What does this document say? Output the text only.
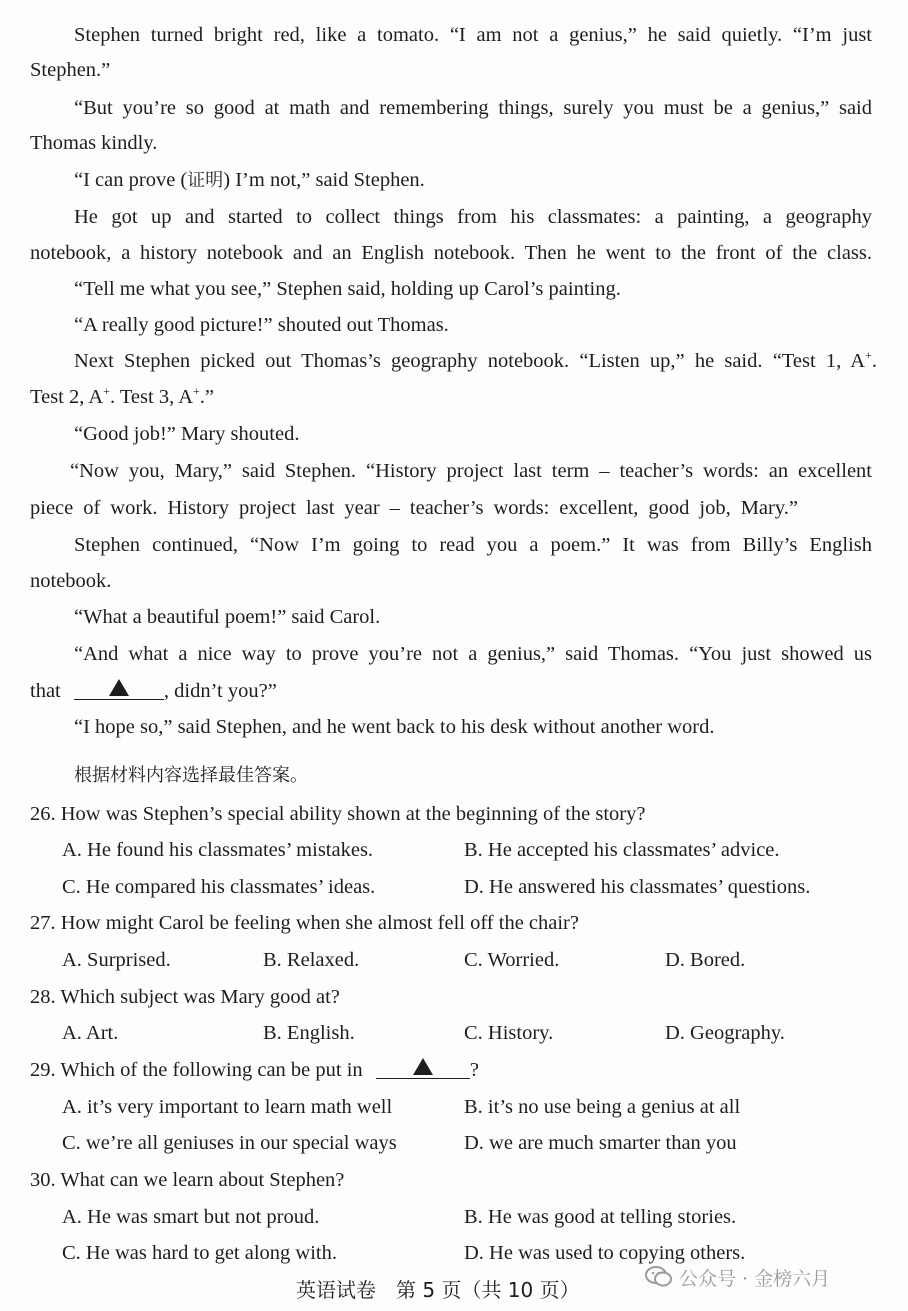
Stephen turned bright red, like a tomato. “I am not a genius,” he said quietly. “I’m just
Stephen.”
“But you’re so good at math and remembering things, surely you must be a genius,” said
Thomas kindly.
“I can prove (证明) I’m not,” said Stephen.
He got up and started to collect things from his classmates: a painting, a geography
notebook, a history notebook and an English notebook. Then he went to the front of the class.
“Tell me what you see,” Stephen said, holding up Carol’s painting.
“A really good picture!” shouted out Thomas.
Next Stephen picked out Thomas’s geography notebook. “Listen up,” he said. “Test 1, A+.
Test 2, A+. Test 3, A+.”
“Good job!” Mary shouted.
“Now you, Mary,” said Stephen. “History project last term – teacher’s words: an excellent
piece of work. History project last year – teacher’s words: excellent, good job, Mary.”
Stephen continued, “Now I’m going to read you a poem.” It was from Billy’s English
notebook.
“What a beautiful poem!” said Carol.
“And what a nice way to prove you’re not a genius,” said Thomas. “You just showed us
that	, didn’t you?”
“I hope so,” said Stephen, and he went back to his desk without another word.
根据材料内容选择最佳答案。
26. How was Stephen’s special ability shown at the beginning of the story?
A. He found his classmates’ mistakes.	B. He accepted his classmates’ advice.
C. He compared his classmates’ ideas.	D. He answered his classmates’ questions.
27. How might Carol be feeling when she almost fell off the chair?
A. Surprised.	B. Relaxed.	C. Worried.	D. Bored.
28. Which subject was Mary good at?
A. Art.	B. English.	C. History.	D. Geography.
29. Which of the following can be put in	?
A. it’s very important to learn math well	B. it’s no use being a genius at all
C. we’re all geniuses in our special ways	D. we are much smarter than you
30. What can we learn about Stephen?
A. He was smart but not proud.	B. He was good at telling stories.
C. He was hard to get along with.	D. He was used to copying others.
英语试卷　第 5 页（共 10 页）	公众号 · 金榜六月
